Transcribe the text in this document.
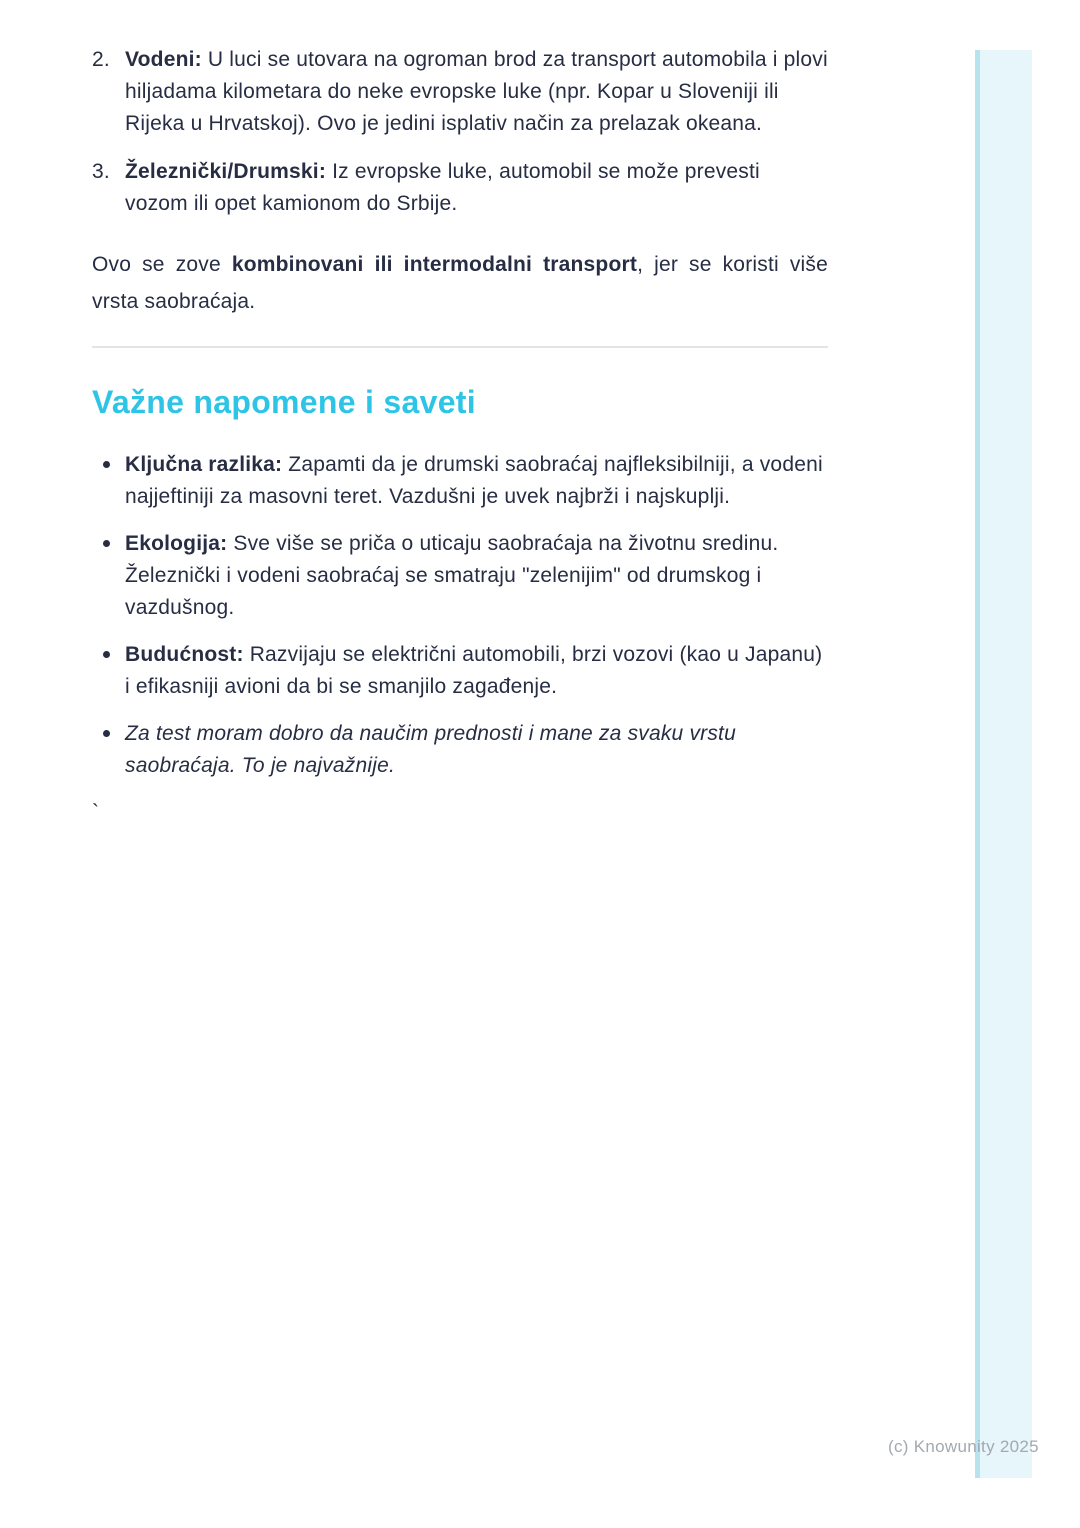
2. Vodeni: U luci se utovara na ogroman brod za transport automobila i plovi hiljadama kilometara do neke evropske luke (npr. Kopar u Sloveniji ili Rijeka u Hrvatskoj). Ovo je jedini isplativ način za prelazak okeana.
3. Železnički/Drumski: Iz evropske luke, automobil se može prevesti vozom ili opet kamionom do Srbije.

Ovo se zove kombinovani ili intermodalni transport, jer se koristi više vrsta saobraćaja.

Važne napomene i saveti
Ključna razlika: Zapamti da je drumski saobraćaj najfleksibilniji, a vodeni najjeftiniji za masovni teret. Vazdušni je uvek najbrži i najskuplji.
Ekologija: Sve više se priča o uticaju saobraćaja na životnu sredinu. Železnički i vodeni saobraćaj se smatraju "zelenijim" od drumskog i vazdušnog.
Budućnost: Razvijaju se električni automobili, brzi vozovi (kao u Japanu) i efikasniji avioni da bi se smanjilo zagađenje.
Za test moram dobro da naučim prednosti i mane za svaku vrstu saobraćaja. To je najvažnije.
`
(c) Knowunity 2025
